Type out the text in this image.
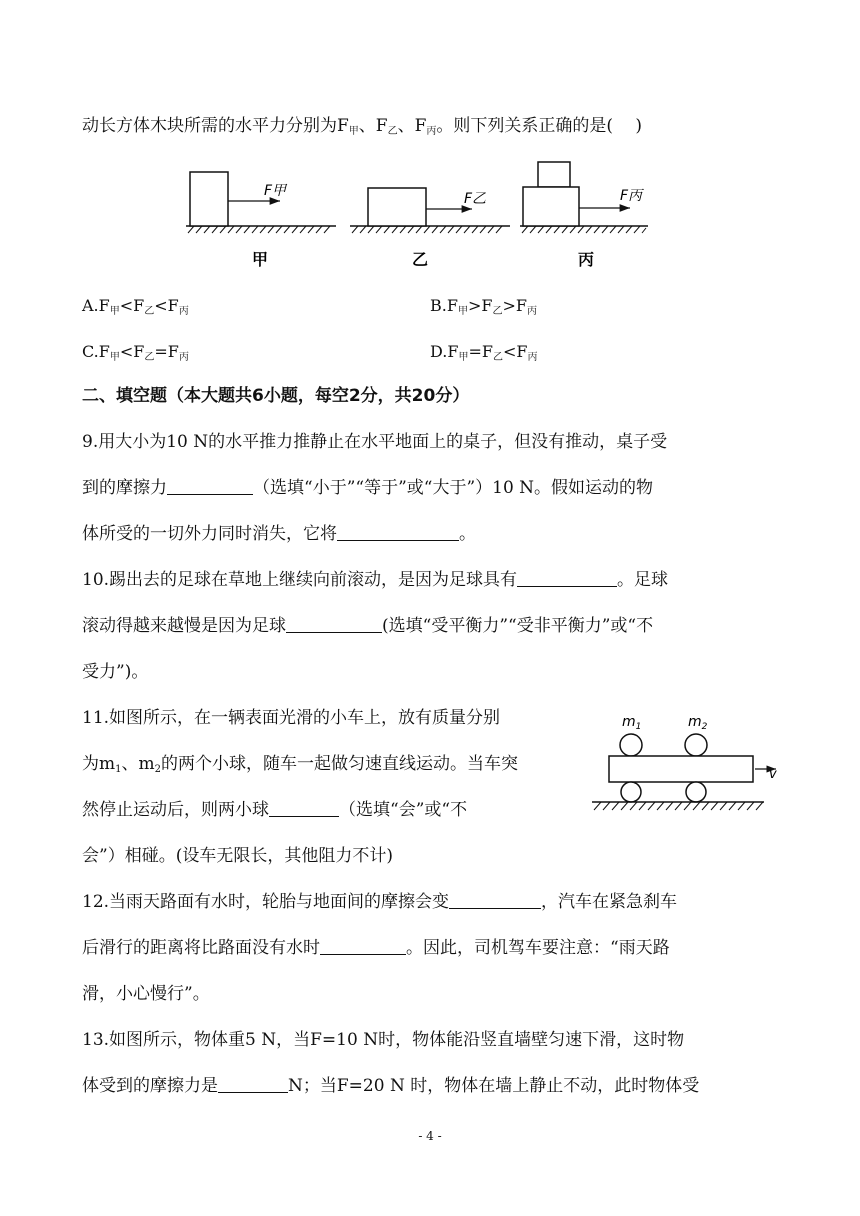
动长方体木块所需的水平力分别为$F_甲$、$F_乙$、$F_丙$。则下列关系正确的是(　 )
F甲
甲
F乙
乙
F丙
丙
$A.F_甲<F_乙<F_丙$	$B.F_甲>F_乙>F_丙$
$C.F_甲<F_乙=F_丙$	$D.F_甲=F_乙<F_丙$
二、填空题（本大题共6小题，每空2分，共20分）
9.用大小为10 N的水平推力推静止在水平地面上的桌子，但没有推动，桌子受
到的摩擦力	（选填“小于”“等于”或“大于”）10 N。假如运动的物
体所受的一切外力同时消失，它将	。
10.踢出去的足球在草地上继续向前滚动，是因为足球具有	。足球
滚动得越来越慢是因为足球	(选填“受平衡力”“受非平衡力”或“不
受力”)。
11.如图所示，在一辆表面光滑的小车上，放有质量分别
为$m_1$、$m_2$的两个小球，随车一起做匀速直线运动。当车突
然停止运动后，则两小球	（选填“会”或“不
会”）相碰。(设车无限长，其他阻力不计)
$m_1$	$m_2$
v
12.当雨天路面有水时，轮胎与地面间的摩擦会变	，汽车在紧急刹车
后滑行的距离将比路面没有水时	。因此，司机驾车要注意：“雨天路
滑，小心慢行”。
13.如图所示，物体重5 N，当F=10 N时，物体能沿竖直墙壁匀速下滑，这时物
体受到的摩擦力是	N；当F=20 N 时，物体在墙上静止不动，此时物体受
- 4 -
